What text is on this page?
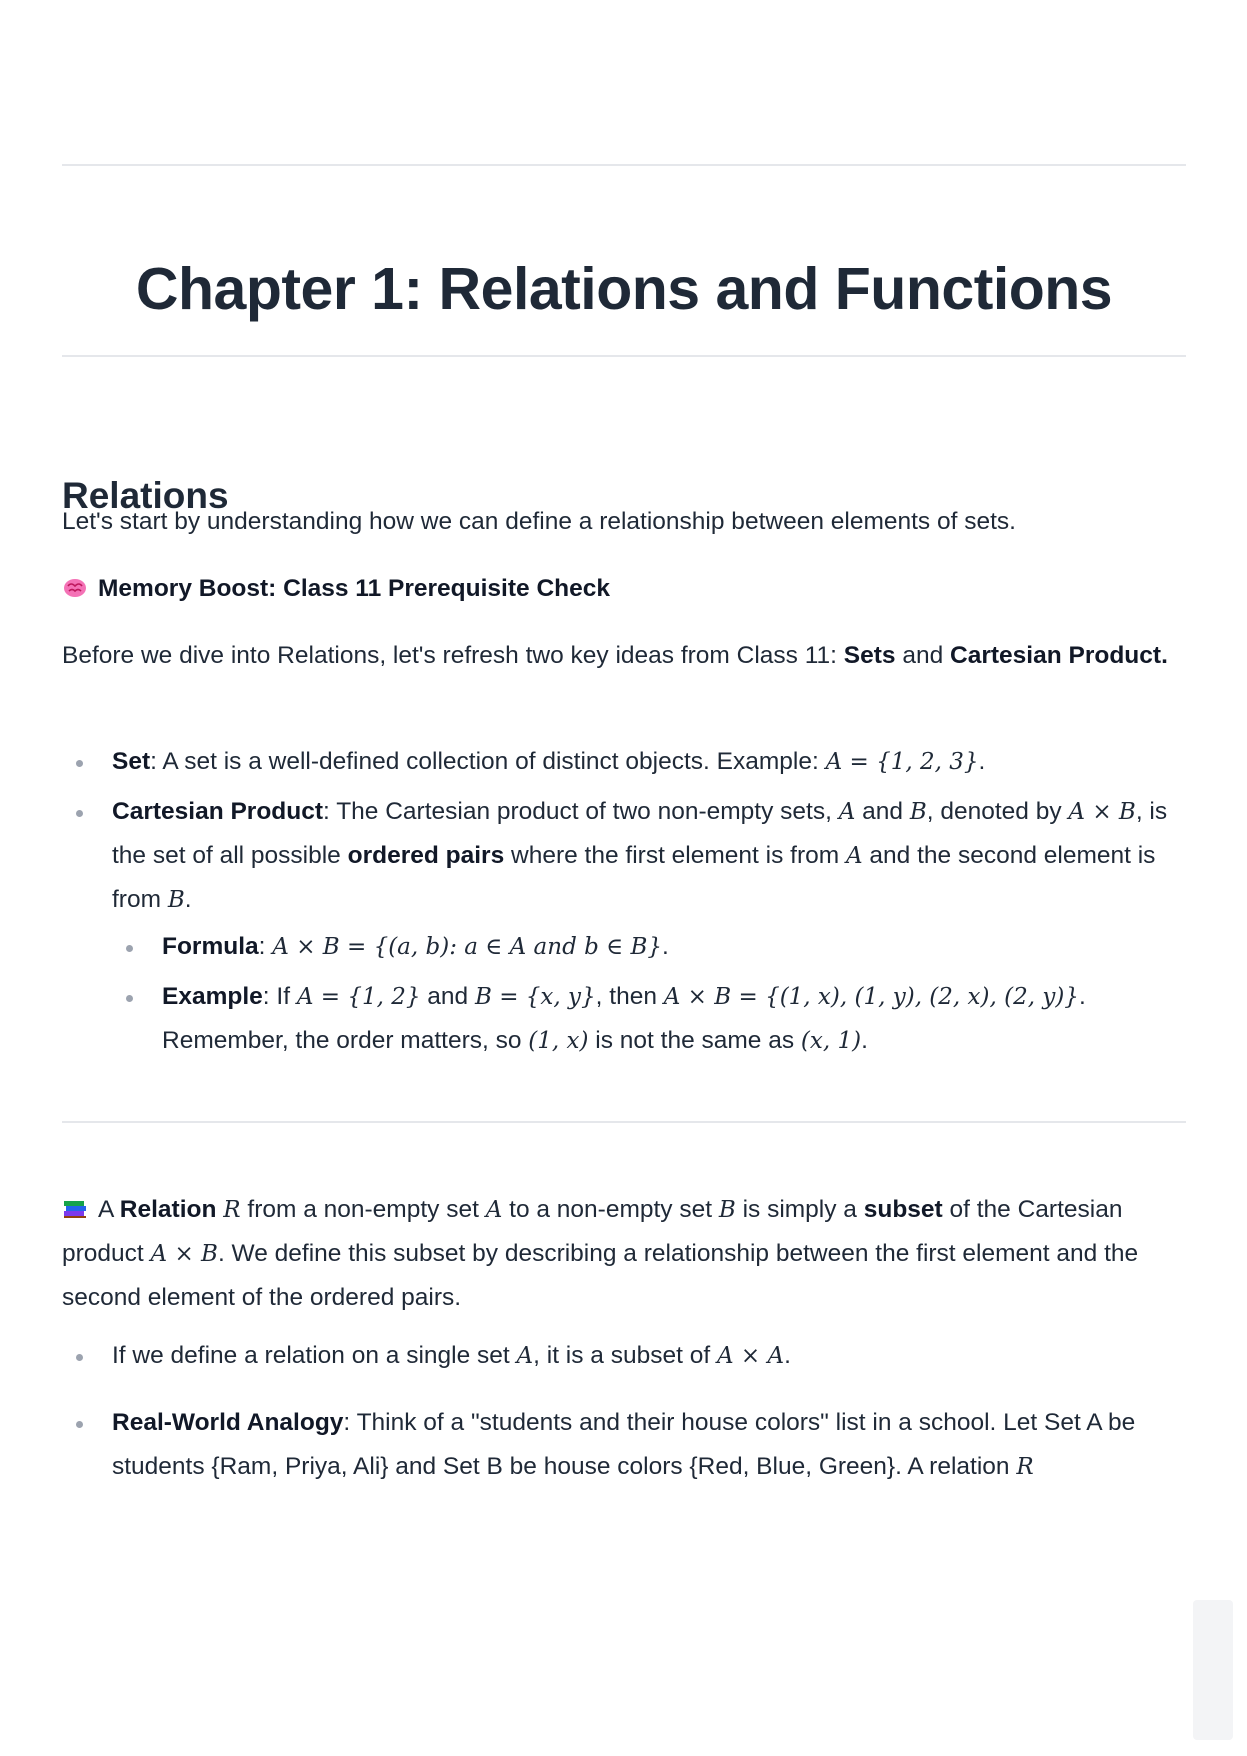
Chapter 1: Relations and Functions
Relations

Let's start by understanding how we can define a relationship between elements of sets.

Memory Boost: Class 11 Prerequisite Check

Before we dive into Relations, let's refresh two key ideas from Class 11: Sets and Cartesian Product.

Set: A set is a well-defined collection of distinct objects. Example: A = {1, 2, 3}.
Cartesian Product: The Cartesian product of two non-empty sets, A and B, denoted by A × B, is the set of all possible ordered pairs where the first element is from A and the second element is from B.
Formula: A × B = {(a, b): a ∈ A and b ∈ B}.
Example: If A = {1, 2} and B = {x, y}, then A × B = {(1, x), (1, y), (2, x), (2, y)}. Remember, the order matters, so (1, x) is not the same as (x, 1).

A Relation R from a non-empty set A to a non-empty set B is simply a subset of the Cartesian product A × B. We define this subset by describing a relationship between the first element and the second element of the ordered pairs.

If we define a relation on a single set A, it is a subset of A × A.
Real-World Analogy: Think of a "students and their house colors" list in a school. Let Set A be students {Ram, Priya, Ali} and Set B be house colors {Red, Blue, Green}. A relation R
